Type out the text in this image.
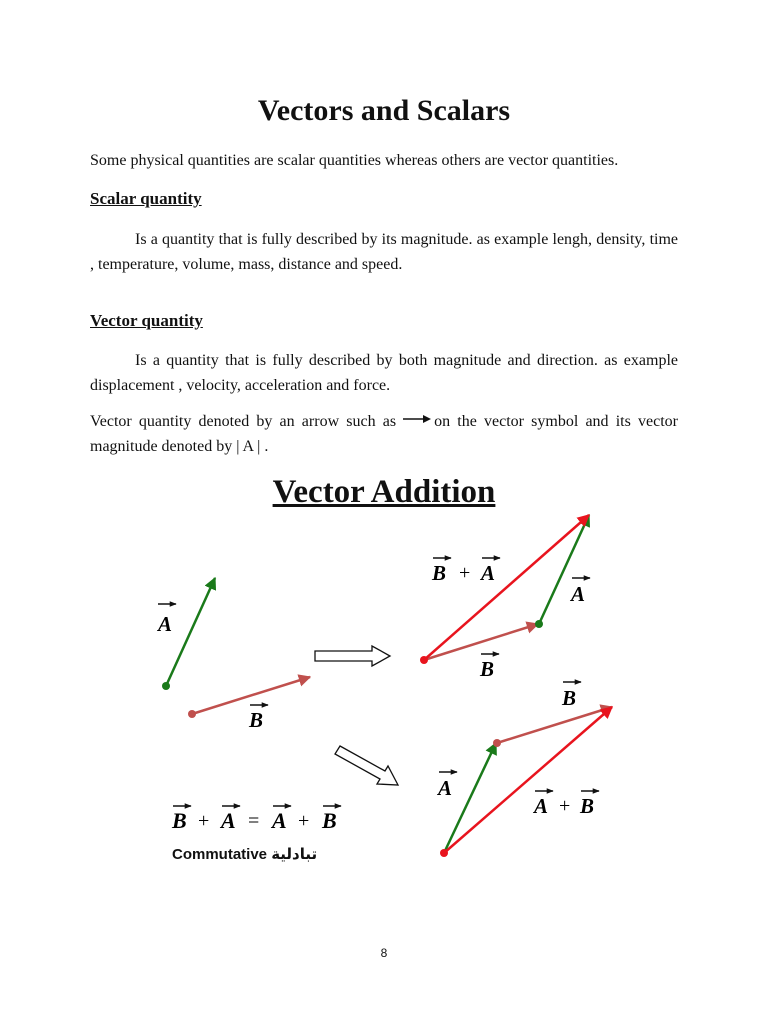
Vectors and Scalars
Some physical quantities are scalar quantities whereas others are vector quantities.
Scalar quantity
Is a quantity that is fully described by its magnitude. as example lengh, density, time , temperature, volume, mass, distance and speed.
Vector quantity
Is a quantity that is fully described by both magnitude and direction. as example displacement , velocity, acceleration and force.
Vector quantity denoted by an arrow such as on the vector symbol and its vector magnitude denoted by | A | .
Vector Addition
A
B
B + A
A
B
B
A
A + B
B + A = A + B
Commutative تبادلية
8
